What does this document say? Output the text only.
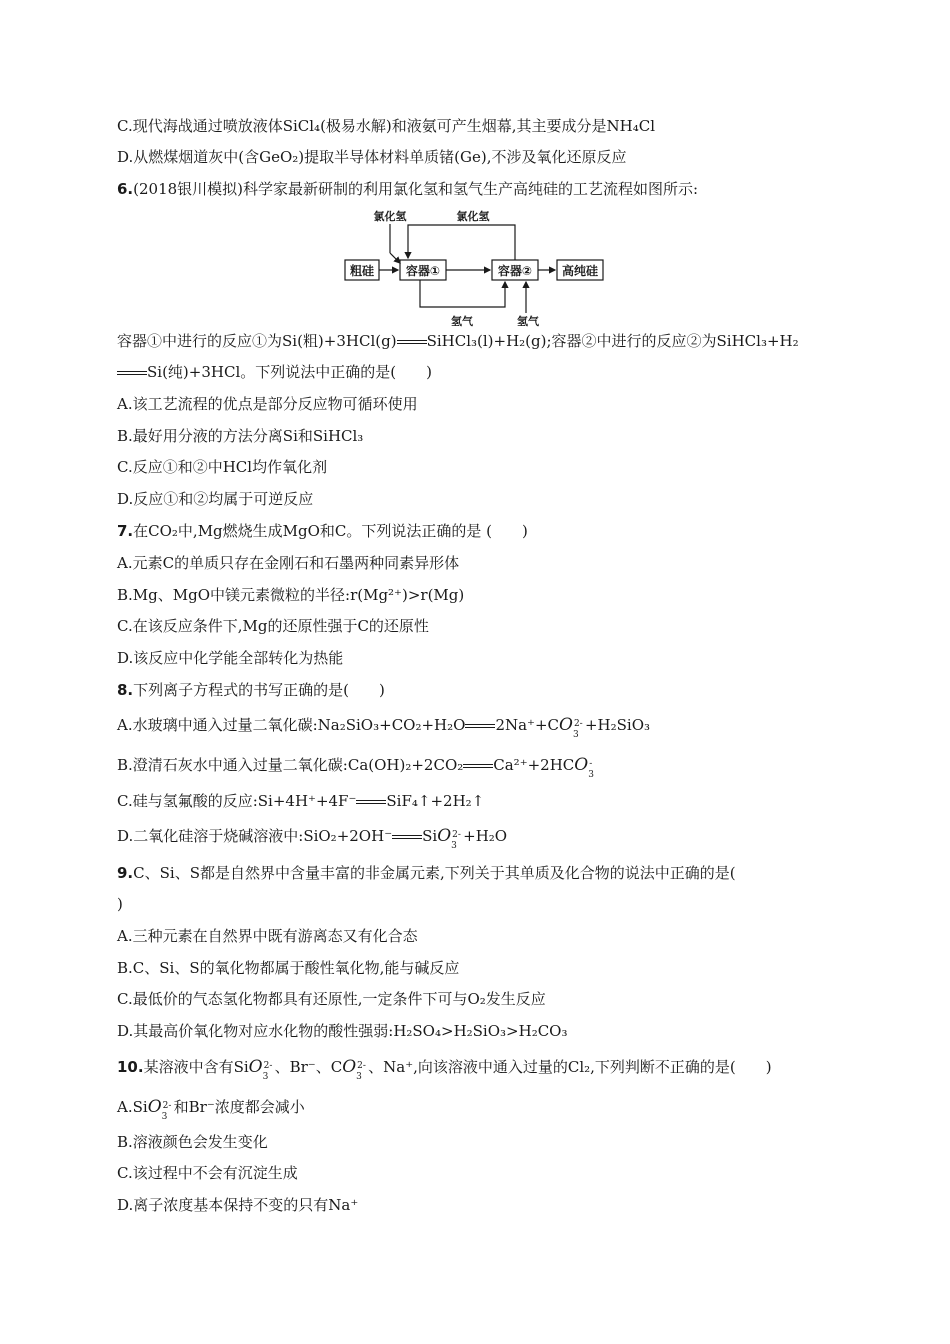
C.现代海战通过喷放液体SiCl₄(极易水解)和液氨可产生烟幕,其主要成分是NH₄Cl
D.从燃煤烟道灰中(含GeO₂)提取半导体材料单质锗(Ge),不涉及氧化还原反应
6.(2018银川模拟)科学家最新研制的利用氯化氢和氢气生产高纯硅的工艺流程如图所示:
粗硅	容器①	容器② 高纯硅
氯化氢	氯化氢
氢气	氢气
容器①中进行的反应①为Si(粗)+3HCl(g) SiHCl₃(l)+H₂(g);容器②中进行的反应②为SiHCl₃+H₂
Si(纯)+3HCl。下列说法中正确的是(　　)
A.该工艺流程的优点是部分反应物可循环使用
B.最好用分液的方法分离Si和SiHCl₃
C.反应①和②中HCl均作氧化剂
D.反应①和②均属于可逆反应
7.在CO₂中,Mg燃烧生成MgO和C。下列说法正确的是 (　　)
A.元素C的单质只存在金刚石和石墨两种同素异形体
B.Mg、MgO中镁元素微粒的半径:r(Mg²⁺)>r(Mg)
C.在该反应条件下,Mg的还原性强于C的还原性
D.该反应中化学能全部转化为热能
8.下列离子方程式的书写正确的是(　　)
A.水玻璃中通入过量二氧化碳:Na₂SiO₃+CO₂+H₂O 2Na⁺+CO 2-
3
+H₂SiO₃
B.澄清石灰水中通入过量二氧化碳:Ca(OH)₂+2CO₂ Ca²⁺+2HCO -
3
C.硅与氢氟酸的反应:Si+4H⁺+4F⁻ SiF₄↑+2H₂↑
D.二氧化硅溶于烧碱溶液中:SiO₂+2OH⁻ SiO 2-
3
+H₂O
9.C、Si、S都是自然界中含量丰富的非金属元素,下列关于其单质及化合物的说法中正确的是(
)
A.三种元素在自然界中既有游离态又有化合态
B.C、Si、S的氧化物都属于酸性氧化物,能与碱反应
C.最低价的气态氢化物都具有还原性,一定条件下可与O₂发生反应
D.其最高价氧化物对应水化物的酸性强弱:H₂SO₄>H₂SiO₃>H₂CO₃
10.某溶液中含有SiO 2-
3
、Br⁻、CO 2-
3
、Na⁺,向该溶液中通入过量的Cl₂,下列判断不正确的是(　　)
A.SiO 2-
3
和Br⁻浓度都会减小
B.溶液颜色会发生变化
C.该过程中不会有沉淀生成
D.离子浓度基本保持不变的只有Na⁺
